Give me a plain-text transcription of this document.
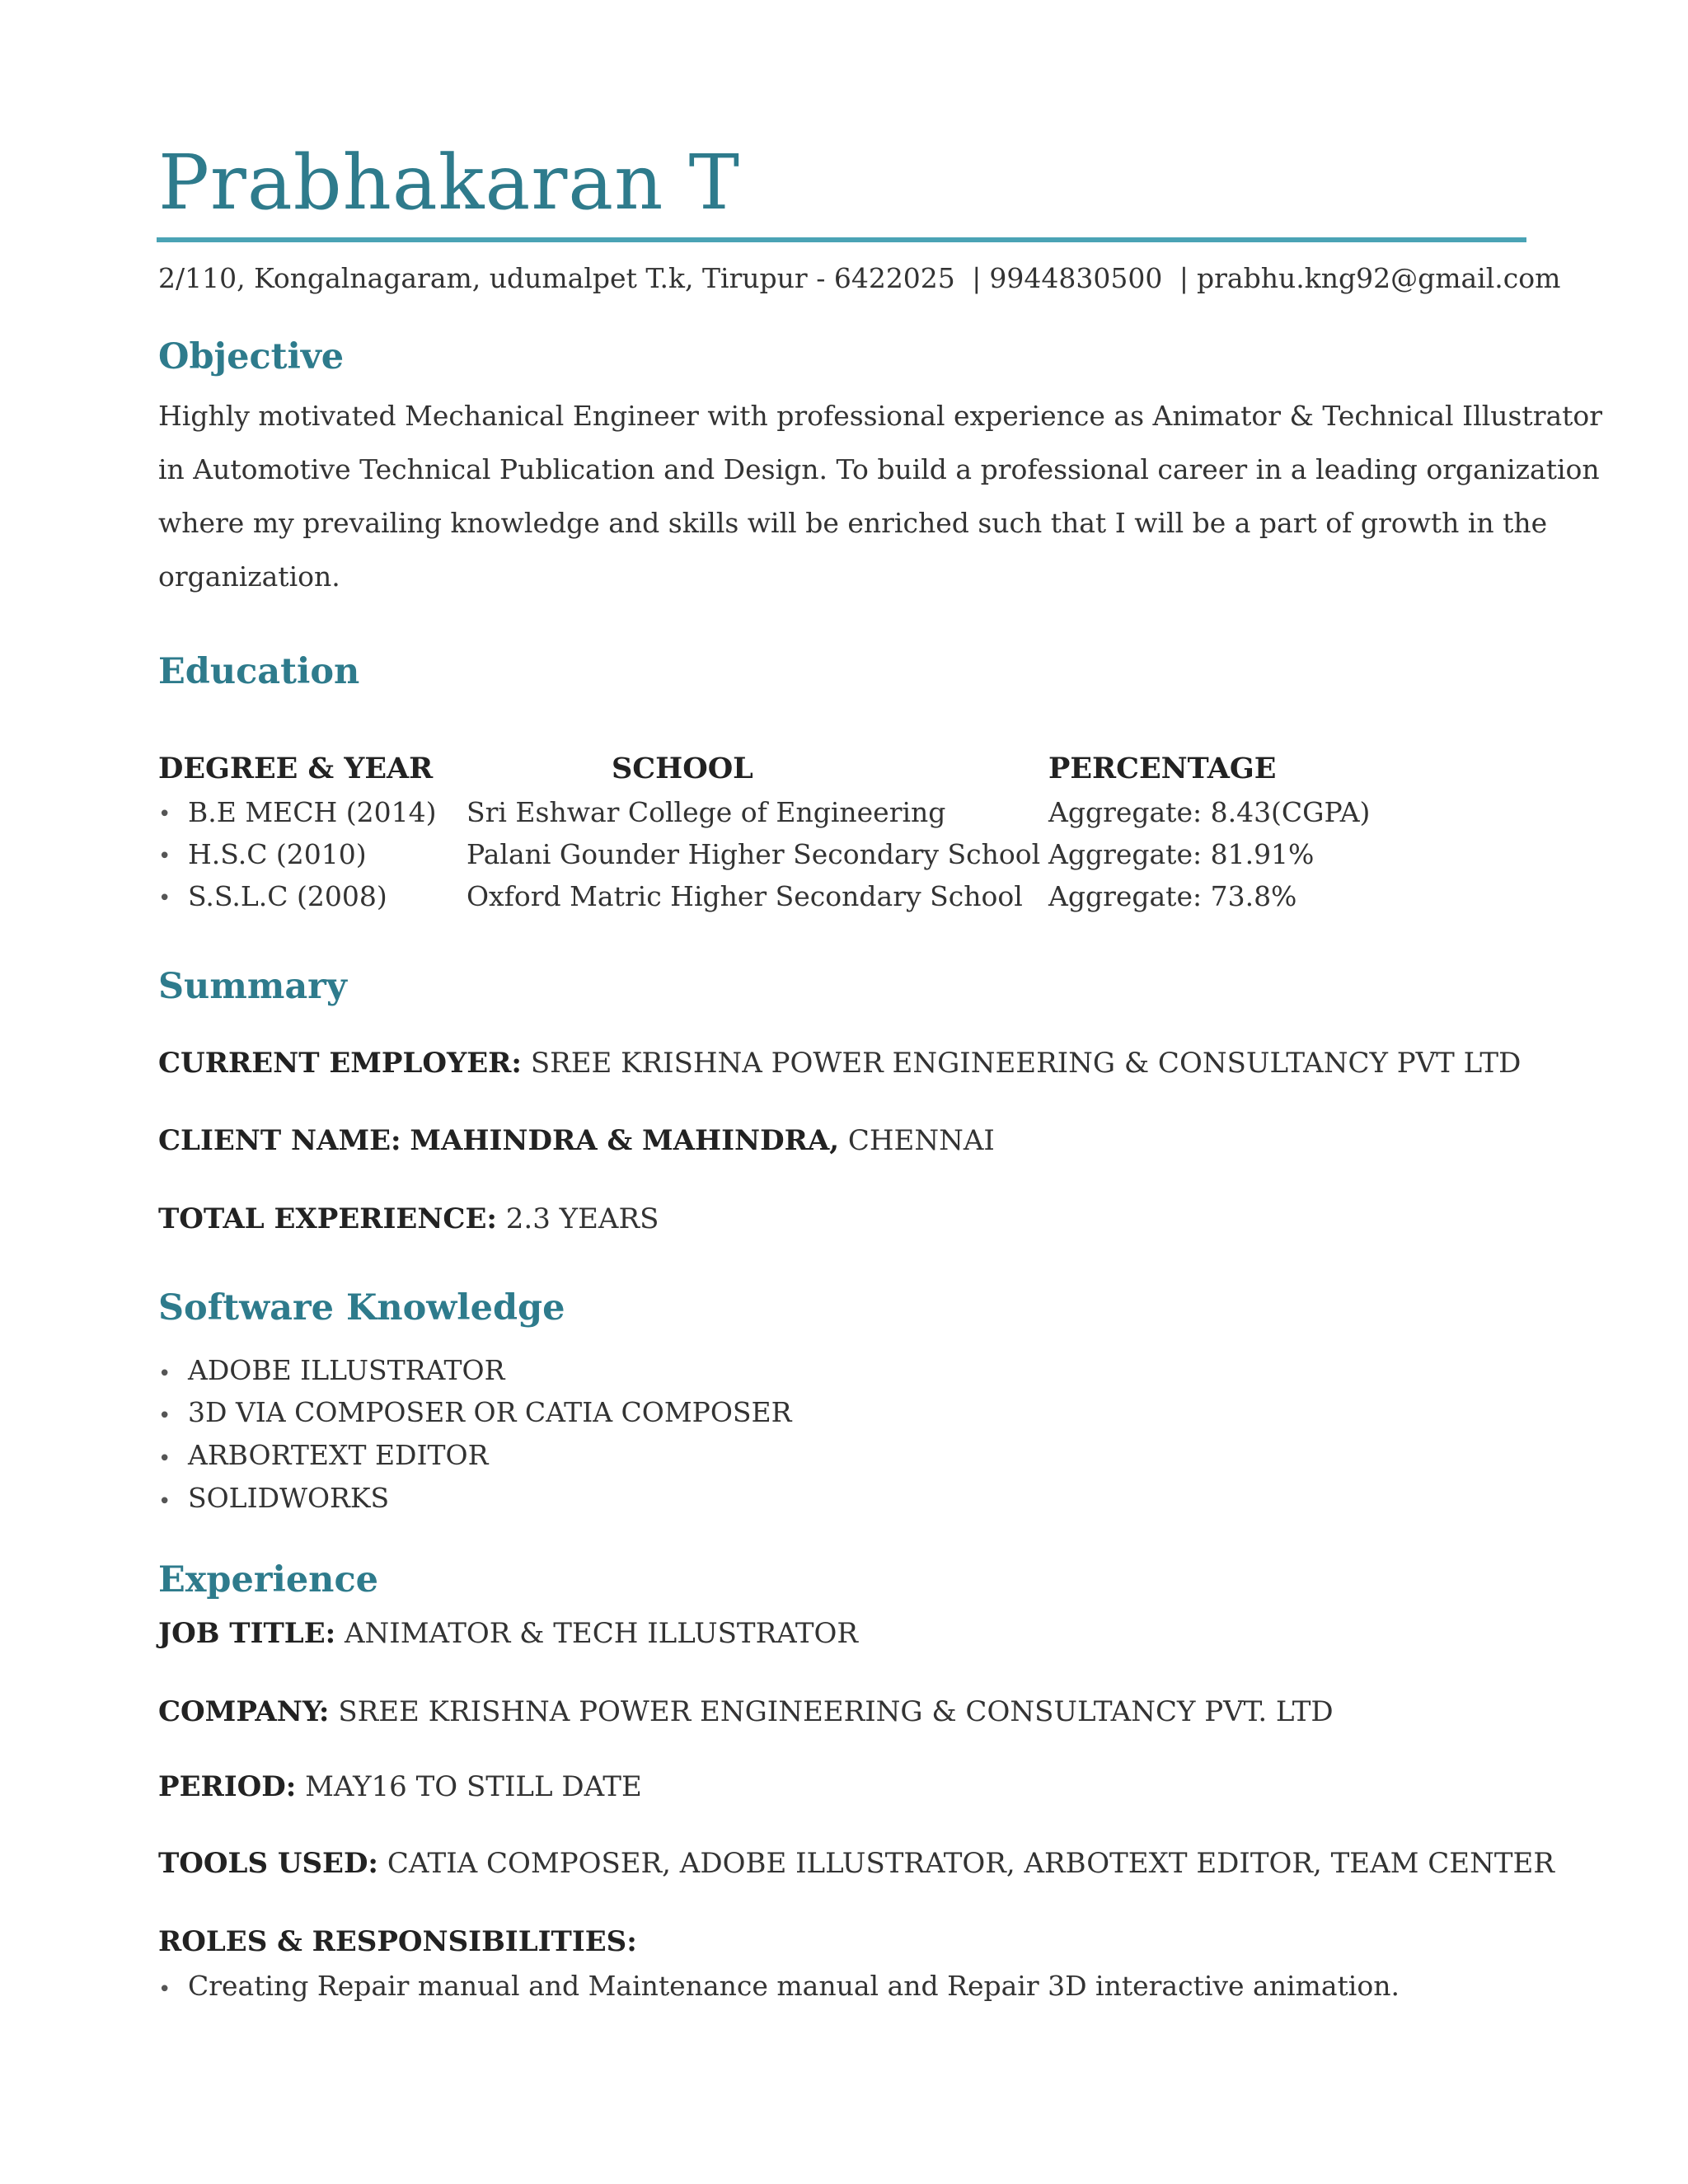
Prabhakaran T
2/110, Kongalnagaram, udumalpet T.k, Tirupur - 6422025 | 9944830500 | prabhu.kng92@gmail.com
Objective
Highly motivated Mechanical Engineer with professional experience as Animator & Technical Illustrator
in Automotive Technical Publication and Design. To build a professional career in a leading organization
where my prevailing knowledge and skills will be enriched such that I will be a part of growth in the
organization.
Education
DEGREE & YEAR	SCHOOL	PERCENTAGE
• B.E MECH (2014) Sri Eshwar College of Engineering	Aggregate: 8.43(CGPA)
• H.S.C (2010)	Palani Gounder Higher Secondary School Aggregate: 81.91%
• S.S.L.C (2008)	Oxford Matric Higher Secondary School Aggregate: 73.8%
Summary
CURRENT EMPLOYER: SREE KRISHNA POWER ENGINEERING & CONSULTANCY PVT LTD
CLIENT NAME: MAHINDRA & MAHINDRA, CHENNAI
TOTAL EXPERIENCE: 2.3 YEARS
Software Knowledge
• ADOBE ILLUSTRATOR
• 3D VIA COMPOSER OR CATIA COMPOSER
• ARBORTEXT EDITOR
• SOLIDWORKS
Experience
JOB TITLE: ANIMATOR & TECH ILLUSTRATOR
COMPANY: SREE KRISHNA POWER ENGINEERING & CONSULTANCY PVT. LTD
PERIOD: MAY16 TO STILL DATE
TOOLS USED: CATIA COMPOSER, ADOBE ILLUSTRATOR, ARBOTEXT EDITOR, TEAM CENTER
ROLES & RESPONSIBILITIES:
• Creating Repair manual and Maintenance manual and Repair 3D interactive animation.
